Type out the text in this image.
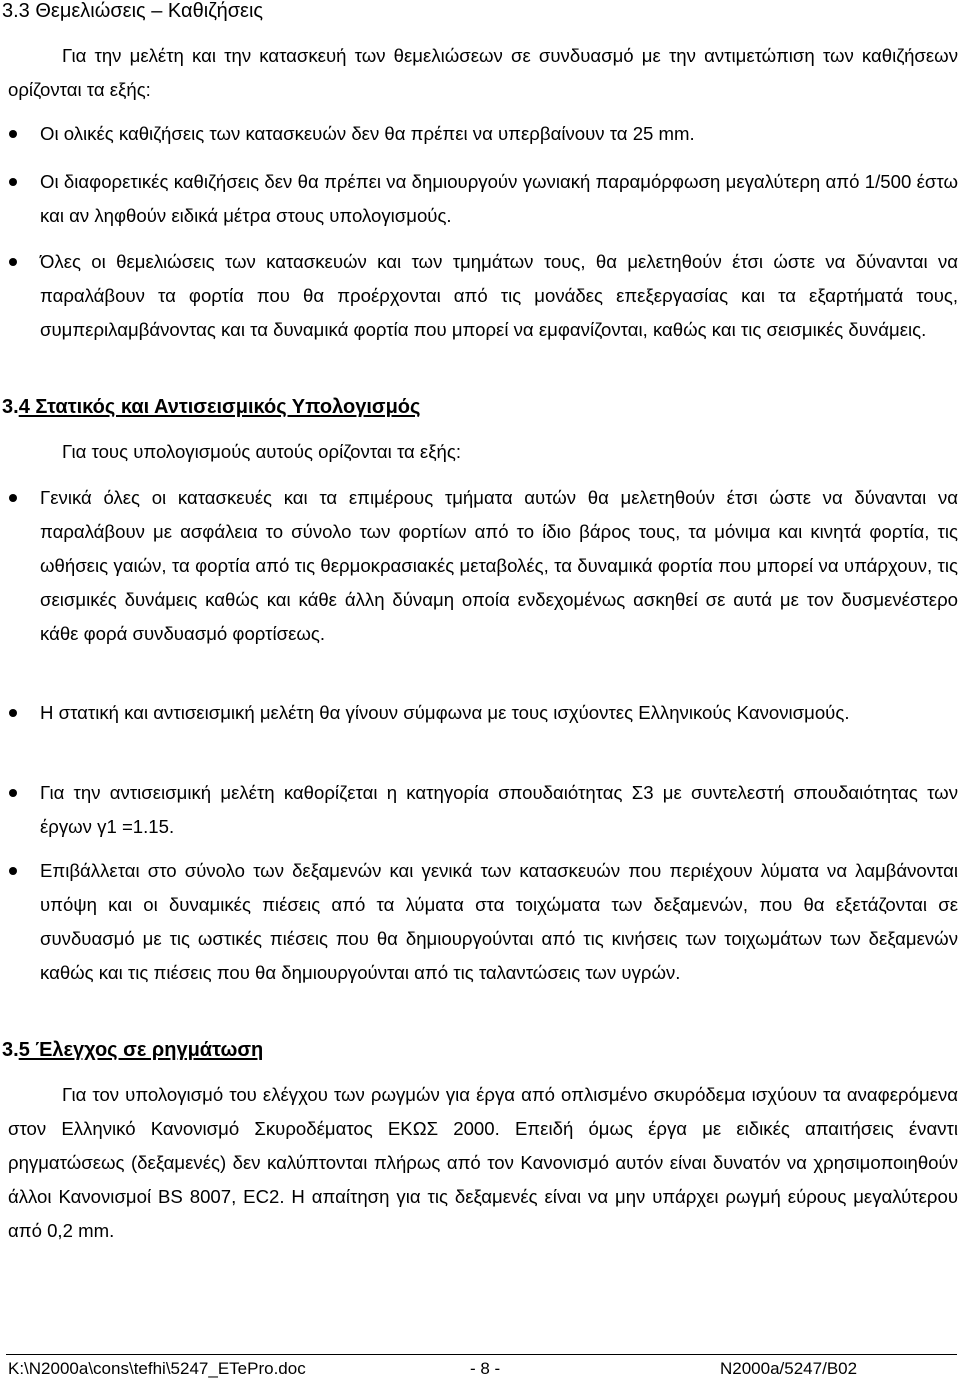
3.3 Θεμελιώσεις – Καθιζήσεις

Για την μελέτη και την κατασκευή των θεμελιώσεων σε συνδυασμό με την αντιμετώπιση των καθιζήσεων ορίζονται τα εξής:

Οι ολικές καθιζήσεις των κατασκευών δεν θα πρέπει να υπερβαίνουν τα 25 mm.

Οι διαφορετικές καθιζήσεις δεν θα πρέπει να δημιουργούν γωνιακή παραμόρφωση μεγαλύτερη από 1/500 έστω και αν ληφθούν ειδικά μέτρα στους υπολογισμούς.

Όλες οι θεμελιώσεις των κατασκευών και των τμημάτων τους, θα μελετηθούν έτσι ώστε να δύνανται να παραλάβουν τα φορτία που θα προέρχονται από τις μονάδες επεξεργασίας και τα εξαρτήματά τους, συμπεριλαμβάνοντας και τα δυναμικά φορτία που μπορεί να εμφανίζονται, καθώς και τις σεισμικές δυνάμεις.

3.4 Στατικός και Αντισεισμικός Υπολογισμός

Για τους υπολογισμούς αυτούς ορίζονται τα εξής:

Γενικά όλες οι κατασκευές και τα επιμέρους τμήματα αυτών θα μελετηθούν έτσι ώστε να δύνανται να παραλάβουν με ασφάλεια το σύνολο των φορτίων από το ίδιο βάρος τους, τα μόνιμα και κινητά φορτία, τις ωθήσεις γαιών, τα φορτία από τις θερμοκρασιακές μεταβολές, τα δυναμικά φορτία που μπορεί να υπάρχουν, τις σεισμικές δυνάμεις καθώς και κάθε άλλη δύναμη οποία ενδεχομένως ασκηθεί σε αυτά με τον δυσμενέστερο κάθε φορά συνδυασμό φορτίσεως.

Η στατική και αντισεισμική μελέτη θα γίνουν σύμφωνα με τους ισχύοντες Ελληνικούς Κανονισμούς.

Για την αντισεισμική μελέτη καθορίζεται η κατηγορία σπουδαιότητας Σ3 με συντελεστή σπουδαιότητας των έργων γ1 =1.15.

Επιβάλλεται στο σύνολο των δεξαμενών και γενικά των κατασκευών που περιέχουν λύματα να λαμβάνονται υπόψη και οι δυναμικές πιέσεις από τα λύματα στα τοιχώματα των δεξαμενών, που θα εξετάζονται σε συνδυασμό με τις ωστικές πιέσεις που θα δημιουργούνται από τις κινήσεις των τοιχωμάτων των δεξαμενών καθώς και τις πιέσεις που θα δημιουργούνται από τις ταλαντώσεις των υγρών.

3.5 Έλεγχος σε ρηγμάτωση

Για τον υπολογισμό του ελέγχου των ρωγμών για έργα από οπλισμένο σκυρόδεμα ισχύουν τα αναφερόμενα στον Ελληνικό Κανονισμό Σκυροδέματος ΕΚΩΣ 2000. Επειδή όμως έργα με ειδικές απαιτήσεις έναντι ρηγματώσεως (δεξαμενές) δεν καλύπτονται πλήρως από τον Κανονισμό αυτόν είναι δυνατόν να χρησιμοποιηθούν άλλοι Κανονισμοί BS 8007, EC2. Η απαίτηση για τις δεξαμενές είναι να μην υπάρχει ρωγμή εύρους μεγαλύτερου από 0,2 mm.

K:\N2000a\cons\tefhi\5247_ETePro.doc	- 8 -	N2000a/5247/B02
